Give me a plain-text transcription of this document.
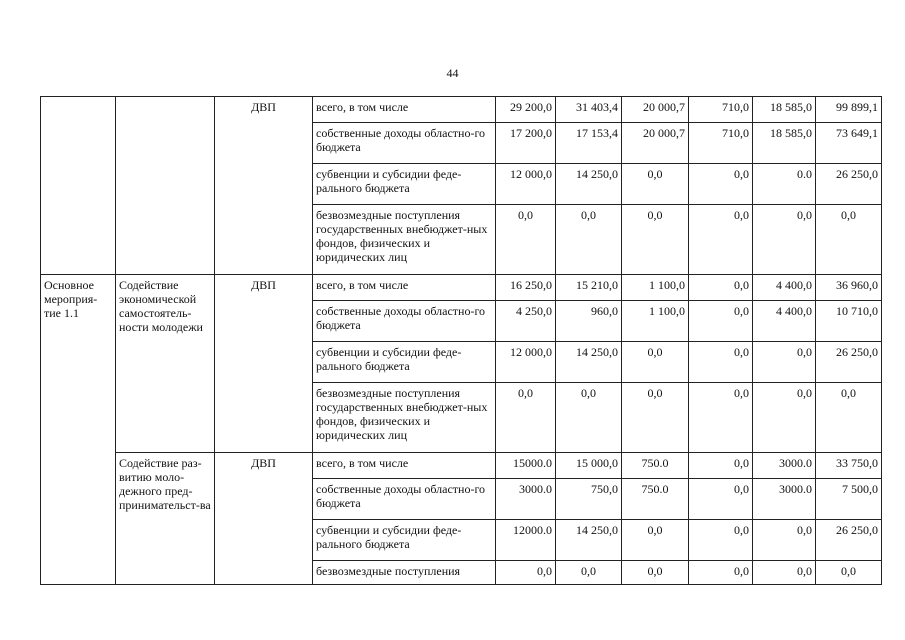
44
		ДВП	всего, в том числе	29 200,0	31 403,4	20 000,7	710,0	18 585,0	99 899,1
			собственные доходы областно-го бюджета	17 200,0	17 153,4	20 000,7	710,0	18 585,0	73 649,1
			субвенции и субсидии феде-рального бюджета	12 000,0	14 250,0	0,0	0,0	0.0	26 250,0
			безвозмездные поступления государственных внебюджет-ных фондов, физических и юридических лиц	0,0	0,0	0,0	0,0	0,0	0,0
Основное мероприя-тие 1.1	Содействие экономической самостоятель-ности молодежи	ДВП	всего, в том числе	16 250,0	15 210,0	1 100,0	0,0	4 400,0	36 960,0
			собственные доходы областно-го бюджета	4 250,0	960,0	1 100,0	0,0	4 400,0	10 710,0
			субвенции и субсидии феде-рального бюджета	12 000,0	14 250,0	0,0	0,0	0,0	26 250,0
			безвозмездные поступления государственных внебюджет-ных фондов, физических и юридических лиц	0,0	0,0	0,0	0,0	0,0	0,0
	Содействие раз-витию моло-дежного пред-принимательст-ва	ДВП	всего, в том числе	15000.0	15 000,0	750.0	0,0	3000.0	33 750,0
			собственные доходы областно-го бюджета	3000.0	750,0	750.0	0,0	3000.0	7 500,0
			субвенции и субсидии феде-рального бюджета	12000.0	14 250,0	0,0	0,0	0,0	26 250,0
			безвозмездные поступления	0,0	0,0	0,0	0,0	0,0	0,0
